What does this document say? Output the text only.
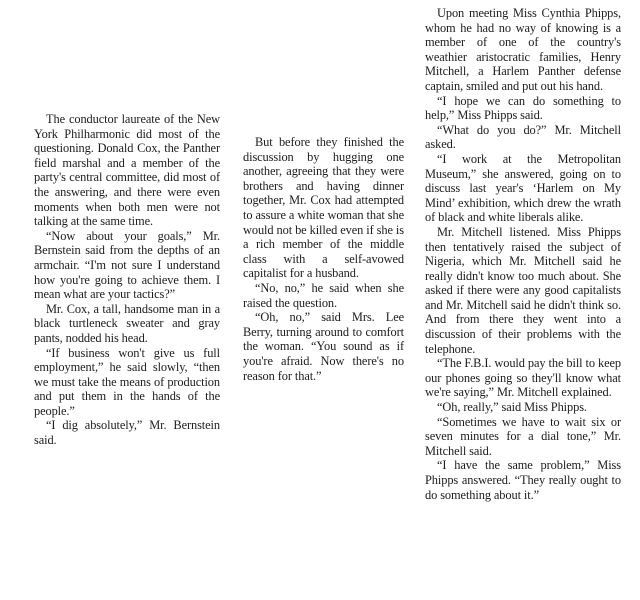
The conductor laureate of the New York Philharmonic did most of the questioning. Donald Cox, the Panther field marshal and a member of the party's central committee, did most of the answering, and there were even moments when both men were not talking at the same time.

“Now about your goals,” Mr. Bernstein said from the depths of an armchair. “I'm not sure I understand how you're going to achieve them. I mean what are your tactics?”

Mr. Cox, a tall, handsome man in a black turtleneck sweater and gray pants, nodded his head.

“If business won't give us full employment,” he said slowly, “then we must take the means of production and put them in the hands of the people.”

“I dig absolutely,” Mr. Bernstein said.

But before they finished the discussion by hugging one another, agreeing that they were brothers and having dinner together, Mr. Cox had attempted to assure a white woman that she would not be killed even if she is a rich member of the middle class with a self-avowed capitalist for a husband.

“No, no,” he said when she raised the question.

“Oh, no,” said Mrs. Lee Berry, turning around to comfort the woman. “You sound as if you're afraid. Now there's no reason for that.”

Upon meeting Miss Cynthia Phipps, whom he had no way of knowing is a member of one of the country's weathier aristocratic families, Henry Mitchell, a Harlem Panther defense captain, smiled and put out his hand.

“I hope we can do something to help,” Miss Phipps said.

“What do you do?” Mr. Mitchell asked.

“I work at the Metropolitan Museum,” she answered, going on to discuss last year's ‘Harlem on My Mind’ exhibition, which drew the wrath of black and white liberals alike.

Mr. Mitchell listened. Miss Phipps then tentatively raised the subject of Nigeria, which Mr. Mitchell said he really didn't know too much about. She asked if there were any good capitalists and Mr. Mitchell said he didn't think so. And from there they went into a discussion of their problems with the telephone.

“The F.B.I. would pay the bill to keep our phones going so they'll know what we're saying,” Mr. Mitchell explained.

“Oh, really,” said Miss Phipps.

“Sometimes we have to wait six or seven minutes for a dial tone,” Mr. Mitchell said.

“I have the same problem,” Miss Phipps answered. “They really ought to do something about it.”
